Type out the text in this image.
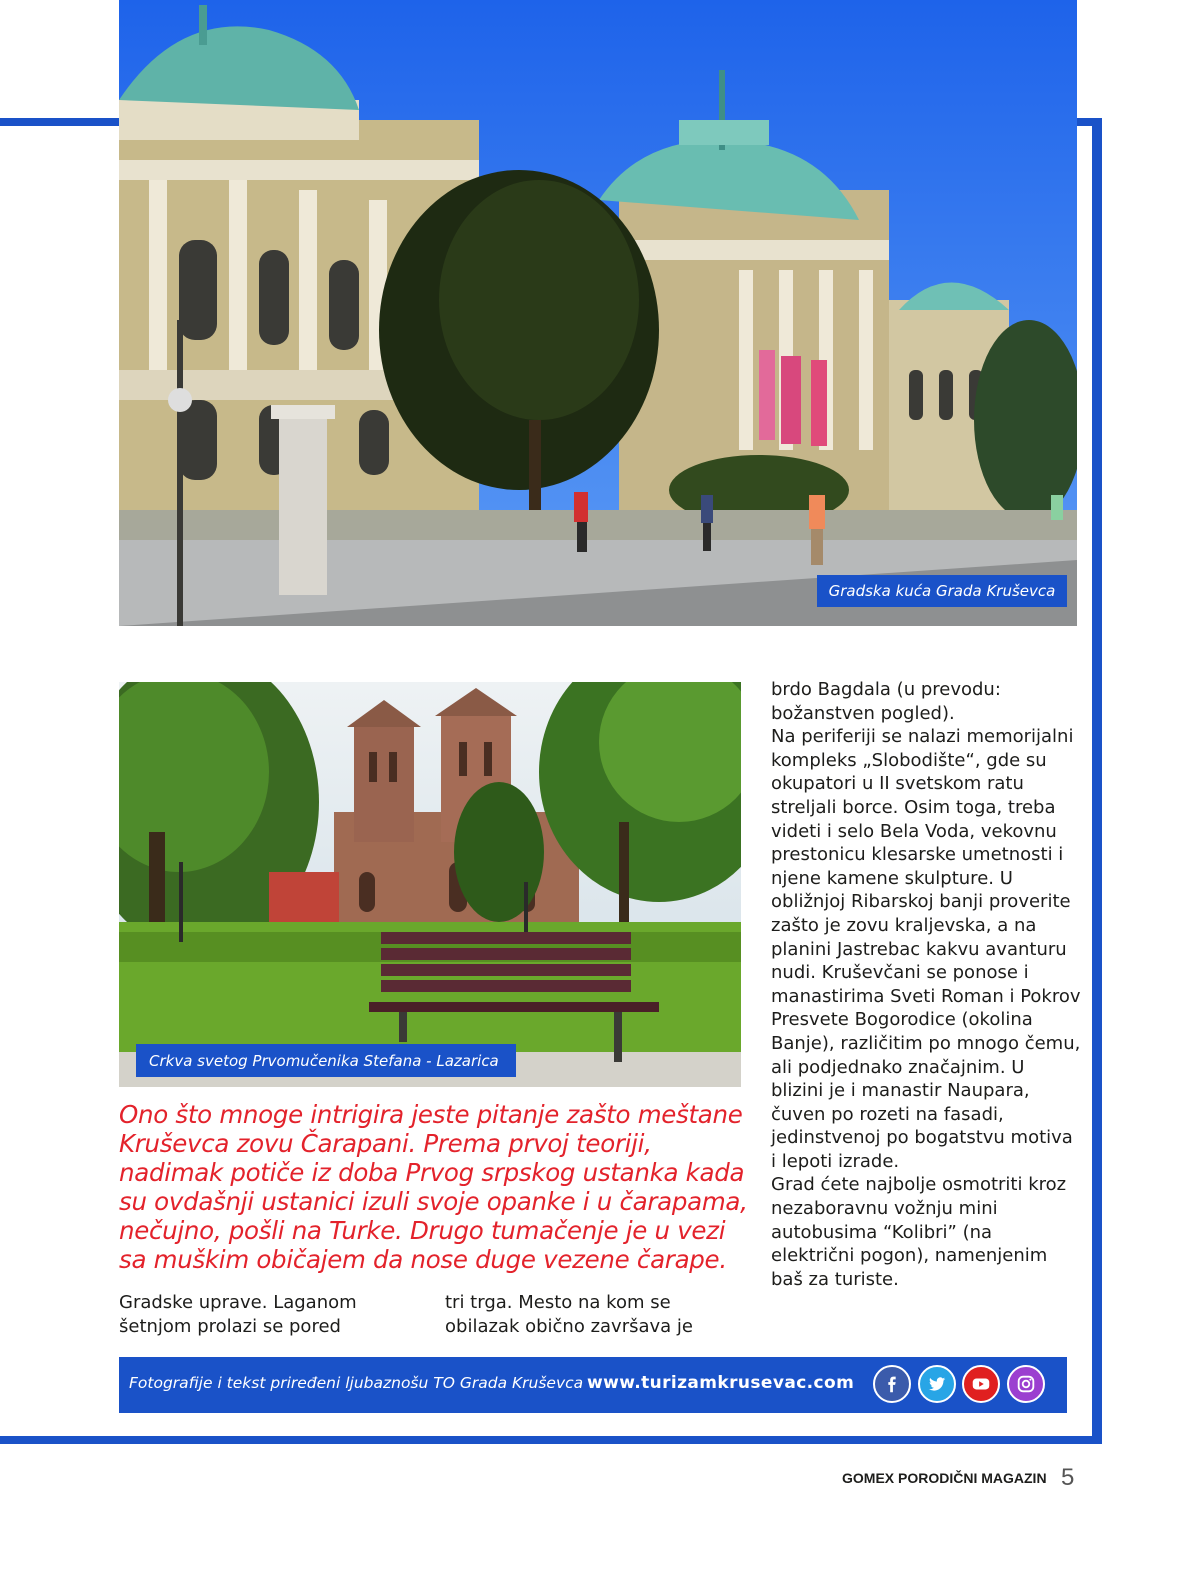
Gradska kuća Grada Kruševca
Crkva svetog Prvomučenika Stefana - Lazarica
Ono što mnoge intrigira jeste pitanje zašto meštane Kruševca zovu Čarapani. Prema prvoj teoriji, nadimak potiče iz doba Prvog srpskog ustanka kada su ovdašnji ustanici izuli svoje opanke i u čarapama, nečujno, pošli na Turke. Drugo tumačenje je u vezi sa muškim običajem da nose duge vezene čarape.

Gradske uprave. Laganom šetnjom prolazi se pored

tri trga. Mesto na kom se obilazak obično završava je

brdo Bagdala (u prevodu: božanstven pogled).

Na periferiji se nalazi memorijalni kompleks „Slobodište“, gde su okupatori u II svetskom ratu streljali borce. Osim toga, treba videti i selo Bela Voda, vekovnu prestonicu klesarske umetnosti i njene kamene skulpture. U obližnjoj Ribarskoj banji proverite zašto je zovu kraljevska, a na planini Jastrebac kakvu avanturu nudi. Kruševčani se ponose i manastirima Sveti Roman i Pokrov Presvete Bogorodice (okolina Banje), različitim po mnogo čemu, ali podjednako značajnim. U blizini je i manastir Naupara, čuven po rozeti na fasadi, jedinstvenoj po bogatstvu motiva i lepoti izrade.

Grad ćete najbolje osmotriti kroz nezaboravnu vožnju mini autobusima “Kolibri” (na električni pogon), namenjenim baš za turiste.

Fotografije i tekst priređeni ljubaznošu TO Grada Kruševca www.turizamkrusevac.com
GOMEX PORODIČNI MAGAZIN 5
